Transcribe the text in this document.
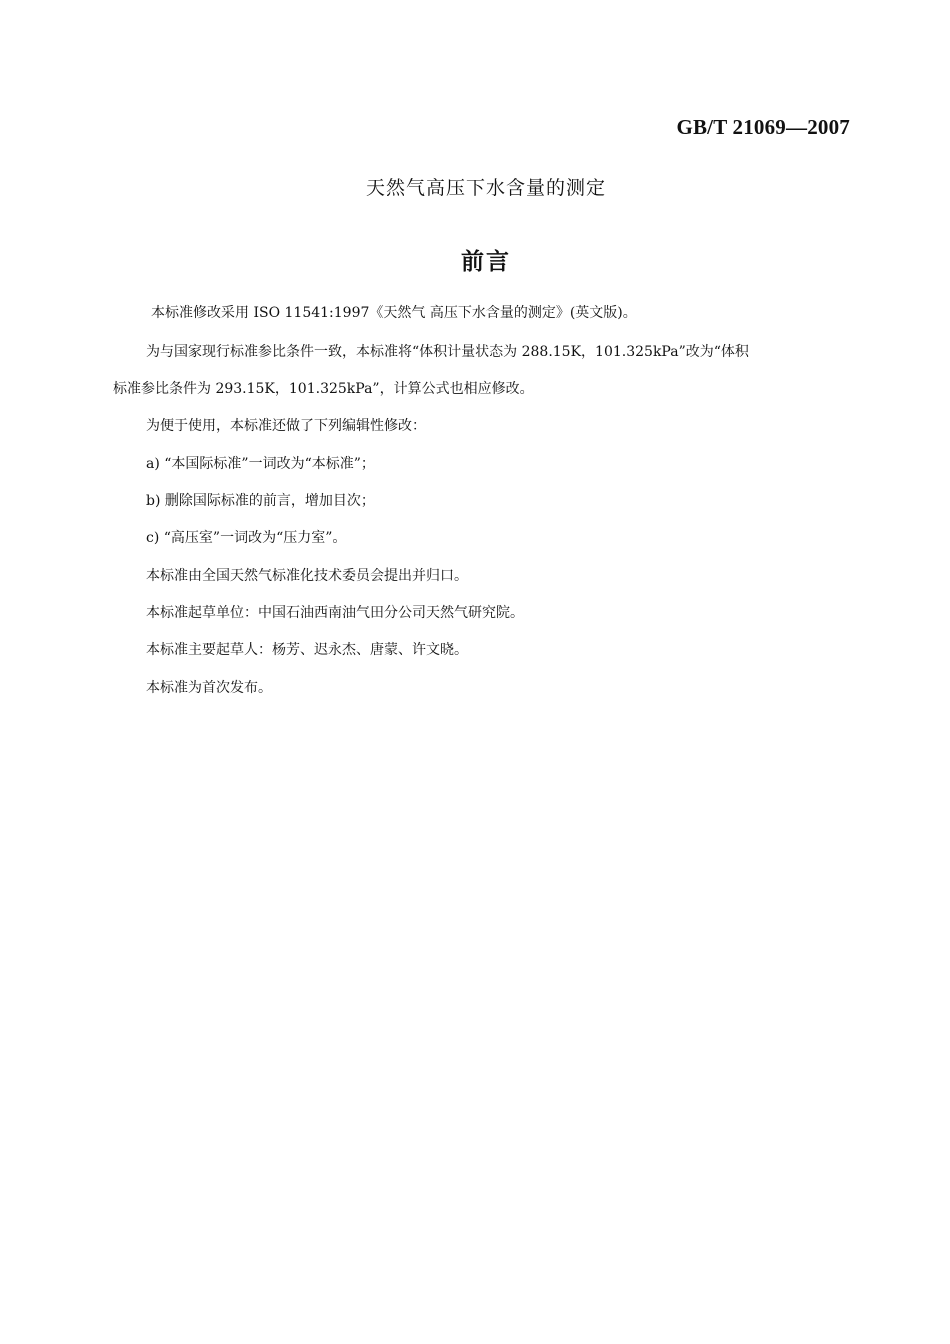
GB/T 21069—2007
天然气高压下水含量的测定
前言
本标准修改采用 ISO 11541:1997《天然气 高压下水含量的测定》(英文版)。
为与国家现行标准参比条件一致，本标准将“体积计量状态为 288.15K，101.325kPa”改为“体积
标准参比条件为 293.15K，101.325kPa”，计算公式也相应修改。
为便于使用，本标准还做了下列编辑性修改：
a) “本国际标准”一词改为“本标准”；
b) 删除国际标准的前言，增加目次；
c) “高压室”一词改为“压力室”。
本标准由全国天然气标准化技术委员会提出并归口。
本标准起草单位：中国石油西南油气田分公司天然气研究院。
本标准主要起草人：杨芳、迟永杰、唐蒙、许文晓。
本标准为首次发布。
